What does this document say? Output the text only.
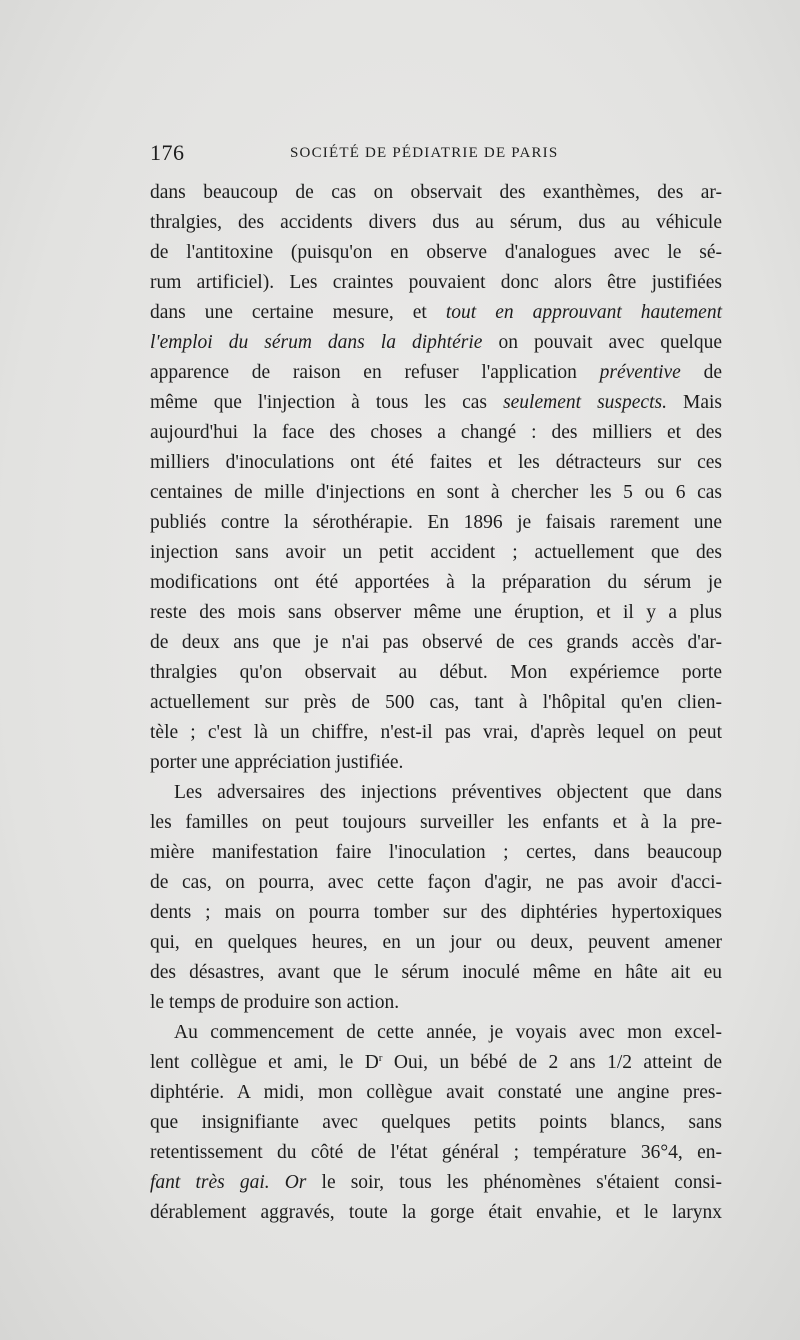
176	SOCIÉTÉ DE PÉDIATRIE DE PARIS
dans beaucoup de cas on observait des exanthèmes, des ar-
thralgies, des accidents divers dus au sérum, dus au véhicule
de l'antitoxine (puisqu'on en observe d'analogues avec le sé-
rum artificiel). Les craintes pouvaient donc alors être justifiées
dans une certaine mesure, et tout en approuvant hautement
l'emploi du sérum dans la diphtérie on pouvait avec quelque
apparence de raison en refuser l'application préventive de
même que l'injection à tous les cas seulement suspects. Mais
aujourd'hui la face des choses a changé : des milliers et des
milliers d'inoculations ont été faites et les détracteurs sur ces
centaines de mille d'injections en sont à chercher les 5 ou 6 cas
publiés contre la sérothérapie. En 1896 je faisais rarement une
injection sans avoir un petit accident ; actuellement que des
modifications ont été apportées à la préparation du sérum je
reste des mois sans observer même une éruption, et il y a plus
de deux ans que je n'ai pas observé de ces grands accès d'ar-
thralgies qu'on observait au début. Mon expériemce porte
actuellement sur près de 500 cas, tant à l'hôpital qu'en clien-
tèle ; c'est là un chiffre, n'est-il pas vrai, d'après lequel on peut
porter une appréciation justifiée.
Les adversaires des injections préventives objectent que dans
les familles on peut toujours surveiller les enfants et à la pre-
mière manifestation faire l'inoculation ; certes, dans beaucoup
de cas, on pourra, avec cette façon d'agir, ne pas avoir d'acci-
dents ; mais on pourra tomber sur des diphtéries hypertoxiques
qui, en quelques heures, en un jour ou deux, peuvent amener
des désastres, avant que le sérum inoculé même en hâte ait eu
le temps de produire son action.
Au commencement de cette année, je voyais avec mon excel-
lent collègue et ami, le $D^r$ Oui, un bébé de 2 ans 1/2 atteint de
diphtérie. A midi, mon collègue avait constaté une angine pres-
que insignifiante avec quelques petits points blancs, sans
retentissement du côté de l'état général ; température 36°4, en-
fant très gai. Or le soir, tous les phénomènes s'étaient consi-
dérablement aggravés, toute la gorge était envahie, et le larynx
